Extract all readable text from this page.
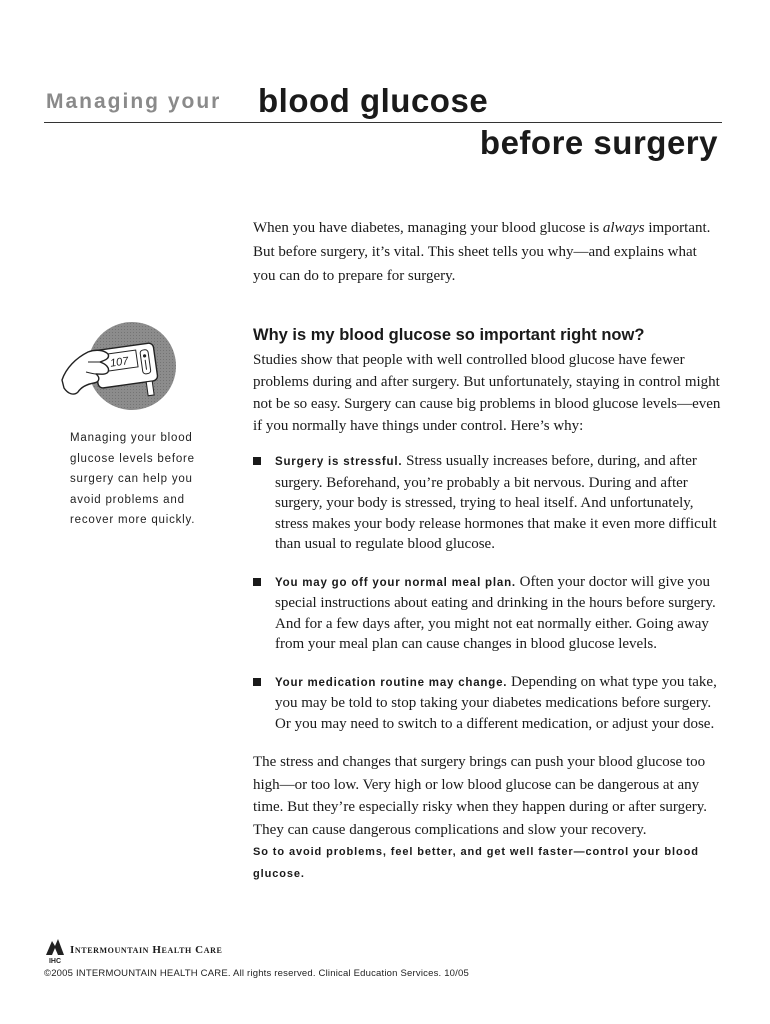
Managing your blood glucose
before surgery

When you have diabetes, managing your blood glucose is always important. But before surgery, it’s vital. This sheet tells you why—and explains what you can do to prepare for surgery.

107
Managing your blood glucose levels before surgery can help you avoid problems and recover more quickly.
Why is my blood glucose so important right now?

Studies show that people with well controlled blood glucose have fewer problems during and after surgery. But unfortunately, staying in control might not be so easy. Surgery can cause big problems in blood glucose levels—even if you normally have things under control. Here’s why:

Surgery is stressful. Stress usually increases before, during, and after surgery. Beforehand, you’re probably a bit nervous. During and after surgery, your body is stressed, trying to heal itself. And unfortunately, stress makes your body release hormones that make it even more difficult than usual to regulate blood glucose.
You may go off your normal meal plan. Often your doctor will give you special instructions about eating and drinking in the hours before surgery. And for a few days after, you might not eat normally either. Going away from your meal plan can cause changes in blood glucose levels.
Your medication routine may change. Depending on what type you take, you may be told to stop taking your diabetes medications before surgery. Or you may need to switch to a different medication, or adjust your dose.

The stress and changes that surgery brings can push your blood glucose too high—or too low. Very high or low blood glucose can be dangerous at any time. But they’re especially risky when they happen during or after surgery. They can cause dangerous complications and slow your recovery.

So to avoid problems, feel better, and get well faster—control your blood glucose.

IHC
Intermountain Health Care
©2005 INTERMOUNTAIN HEALTH CARE. All rights reserved. Clinical Education Services. 10/05
